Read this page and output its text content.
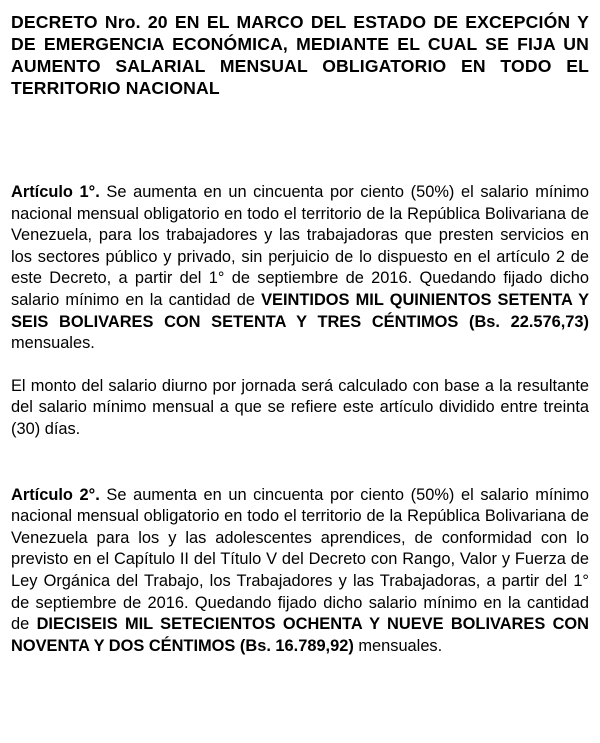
DECRETO Nro. 20 EN EL MARCO DEL ESTADO DE EXCEPCIÓN Y DE EMERGENCIA ECONÓMICA, MEDIANTE EL CUAL SE FIJA UN AUMENTO SALARIAL MENSUAL OBLIGATORIO EN TODO EL TERRITORIO NACIONAL

Artículo 1°. Se aumenta en un cincuenta por ciento (50%) el salario mínimo nacional mensual obligatorio en todo el territorio de la República Bolivariana de Venezuela, para los trabajadores y las trabajadoras que presten servicios en los sectores público y privado, sin perjuicio de lo dispuesto en el artículo 2 de este Decreto, a partir del 1° de septiembre de 2016. Quedando fijado dicho salario mínimo en la cantidad de VEINTIDOS MIL QUINIENTOS SETENTA Y SEIS BOLIVARES CON SETENTA Y TRES CÉNTIMOS (Bs. 22.576,73) mensuales.

El monto del salario diurno por jornada será calculado con base a la resultante del salario mínimo mensual a que se refiere este artículo dividido entre treinta (30) días.

Artículo 2°. Se aumenta en un cincuenta por ciento (50%) el salario mínimo nacional mensual obligatorio en todo el territorio de la República Bolivariana de Venezuela para los y las adolescentes aprendices, de conformidad con lo previsto en el Capítulo II del Título V del Decreto con Rango, Valor y Fuerza de Ley Orgánica del Trabajo, los Trabajadores y las Trabajadoras, a partir del 1° de septiembre de 2016. Quedando fijado dicho salario mínimo en la cantidad de DIECISEIS MIL SETECIENTOS OCHENTA Y NUEVE BOLIVARES CON NOVENTA Y DOS CÉNTIMOS (Bs. 16.789,92) mensuales.
